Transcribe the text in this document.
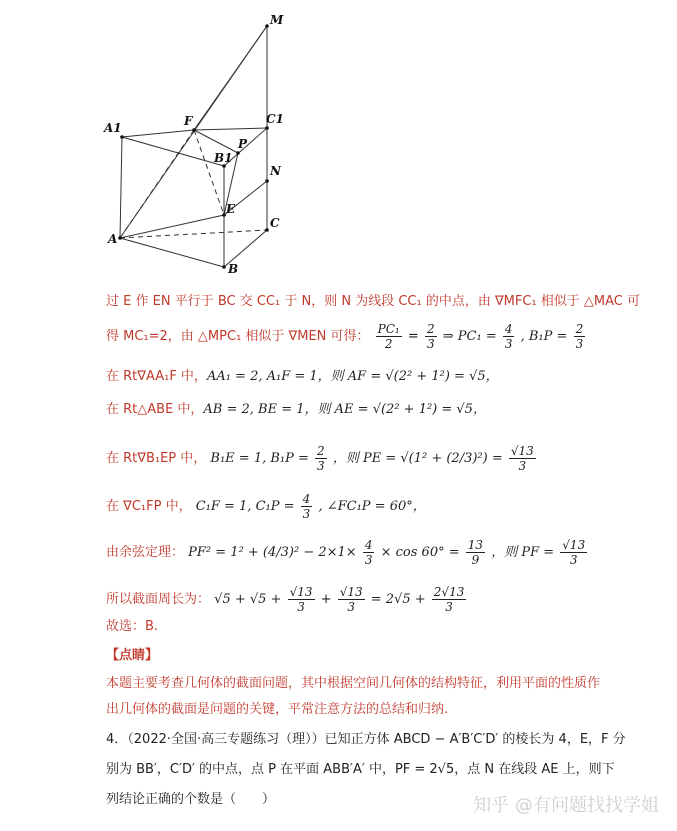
M
A1	F	C1
B1
P
N
E
C
A
B
过 E 作 EN 平行于 BC 交 CC₁ 于 N，则 N 为线段 CC₁ 的中点，由 ∇MFC₁ 相似于 △MAC 可
得 MC₁=2，由 △MPC₁ 相似于 ∇MEN 可得： $\frac{\text{PC₁}}{2} = \frac{2}{3}$ ⇒ $PC_1 = \frac{4}{3}$ , $B_1P = \frac{2}{3}$
在 Rt∇AA₁F 中，AA₁ = 2, A₁F = 1，则 AF = √(2² + 1²) = √5，
在 Rt△ABE 中，AB = 2, BE = 1，则 AE = √(2² + 1²) = √5，
在 Rt∇B₁EP 中， B₁E = 1, $B_1P = \frac{2}{3}$ ，则 PE = $√(1^2 + (2/3)^2) = \frac{√13}{3}$
在 ∇C₁FP 中， C₁F = 1, $C_1P = \frac{4}{3}$ , ∠FC₁P = 60°，
由余弦定理： $PF^2 = 1^2 + (4/3)^2 - 2\times 1\times \frac{4}{3} \times \cos 60^\circ = \frac{13}{9}$ ，则 PF = $\frac{√13}{3}$
所以截面周长为： $√5 + √5 + \frac{√13}{3} + \frac{√13}{3} = 2√5 + \frac{2√13}{3}$
故选：B.
【点睛】
本题主要考查几何体的截面问题，其中根据空间几何体的结构特征，利用平面的性质作
出几何体的截面是问题的关键，平常注意方法的总结和归纳.
4．（2022·全国·高三专题练习（理））已知正方体 ABCD − A′B′C′D′ 的棱长为 4，E，F 分
别为 BB′，C′D′ 的中点，点 P 在平面 ABB′A′ 中，PF = 2√5，点 N 在线段 AE 上，则下
列结论正确的个数是（　　）	知乎 @有问题找找学姐
